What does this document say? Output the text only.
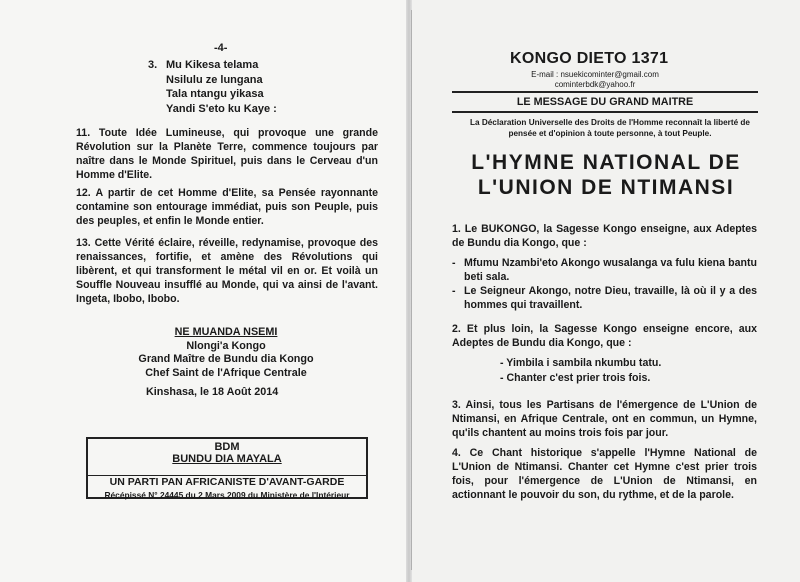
-4-
3. Mu Kikesa telama
Nsilulu ze lungana
Tala ntangu yikasa
Yandi S'eto ku Kaye :
11. Toute Idée Lumineuse, qui provoque une grande Révolution sur la Planète Terre, commence toujours par naître dans le Monde Spirituel, puis dans le Cerveau d'un Homme d'Elite.
12. A partir de cet Homme d'Elite, sa Pensée rayonnante contamine son entourage immédiat, puis son Peuple, puis des peuples, et enfin le Monde entier.
13. Cette Vérité éclaire, réveille, redynamise, provoque des renaissances, fortifie, et amène des Révolutions qui libèrent, et qui transforment le métal vil en or. Et voilà un Souffle Nouveau insufflé au Monde, qui va ainsi de l'avant. Ingeta, Ibobo, Ibobo.
NE MUANDA NSEMI
Nlongi'a Kongo
Grand Maître de Bundu dia Kongo
Chef Saint de l'Afrique Centrale
Kinshasa, le 18 Août 2014
BDM
BUNDU DIA MAYALA
UN PARTI PAN AFRICANISTE D'AVANT-GARDE
Récépissé N° 24445 du 2 Mars 2009 du Ministère de l'Intérieur
KONGO DIETO 1371
E-mail : nsuekicominter@gmail.com
cominterbdk@yahoo.fr
LE MESSAGE DU GRAND MAITRE
La Déclaration Universelle des Droits de l'Homme reconnaît la liberté de pensée et d'opinion à toute personne, à tout Peuple.
L'HYMNE NATIONAL DE
L'UNION DE NTIMANSI
1. Le BUKONGO, la Sagesse Kongo enseigne, aux Adeptes de Bundu dia Kongo, que :
- Mfumu Nzambi'eto Akongo wusalanga va fulu kiena bantu beti sala.
- Le Seigneur Akongo, notre Dieu, travaille, là où il y a des hommes qui travaillent.
2. Et plus loin, la Sagesse Kongo enseigne encore, aux Adeptes de Bundu dia Kongo, que :
- Yimbila i sambila nkumbu tatu.
- Chanter c'est prier trois fois.
3. Ainsi, tous les Partisans de l'émergence de L'Union de Ntimansi, en Afrique Centrale, ont en commun, un Hymne, qu'ils chantent au moins trois fois par jour.
4. Ce Chant historique s'appelle l'Hymne National de L'Union de Ntimansi. Chanter cet Hymne c'est prier trois fois, pour l'émergence de L'Union de Ntimansi, en actionnant le pouvoir du son, du rythme, et de la parole.
